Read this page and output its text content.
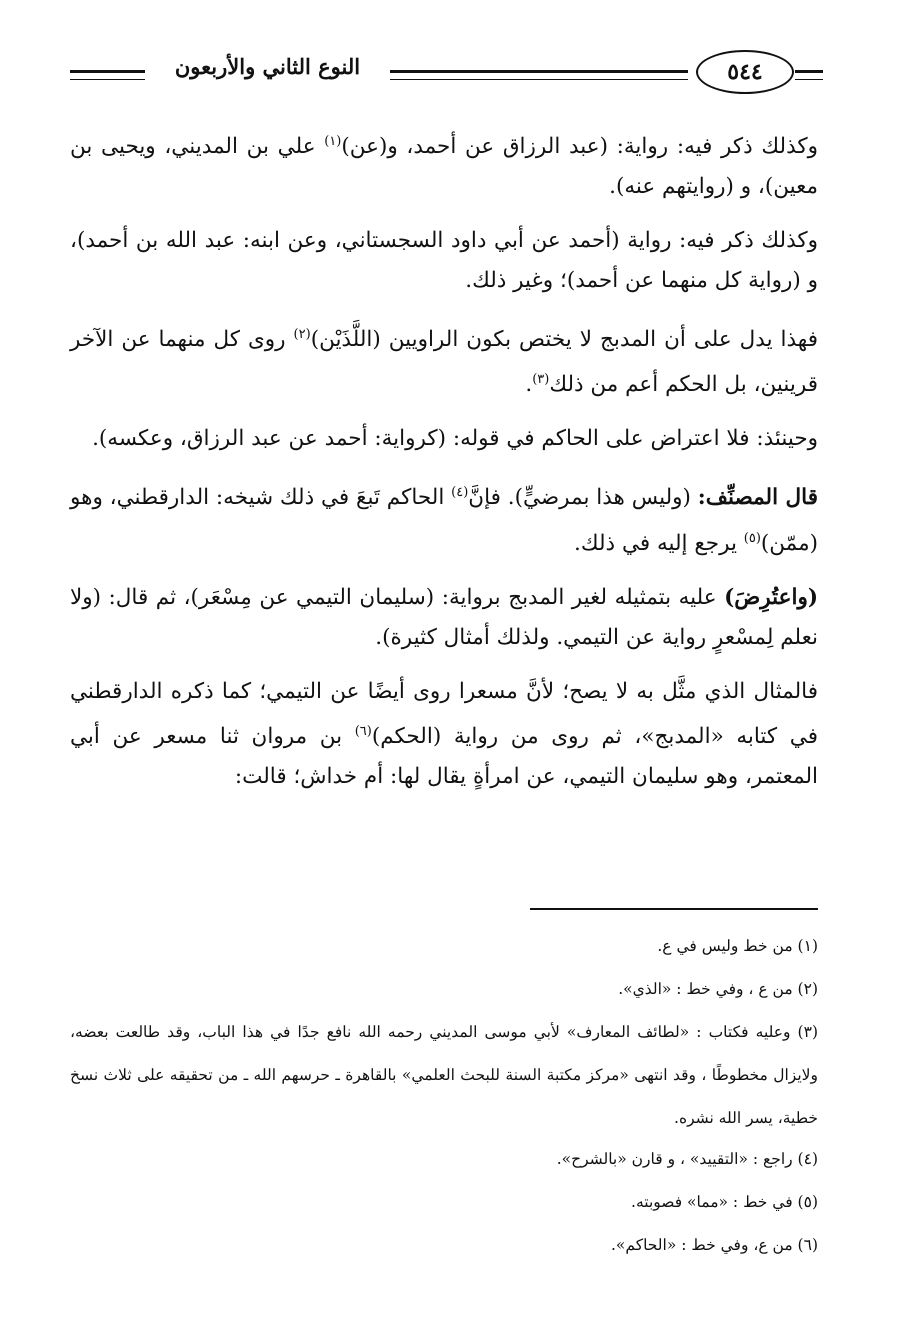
٥٤٤
النوع الثاني والأربعون

وكذلك ذكر فيه: رواية: (عبد الرزاق عن أحمد، و(عن)$^{(١)}$ علي بن المديني، ويحيى بن معين)، و (روايتهم عنه).

وكذلك ذكر فيه: رواية (أحمد عن أبي داود السجستاني، وعن ابنه: عبد الله بن أحمد)، و (رواية كل منهما عن أحمد)؛ وغير ذلك.

فهذا يدل على أن المدبج لا يختص بكون الراويين (اللَّذَيْن)$^{(٢)}$ روى كل منهما عن الآخر قرينين، بل الحكم أعم من ذلك$^{(٣)}$.

وحينئذ: فلا اعتراض على الحاكم في قوله: (كرواية: أحمد عن عبد الرزاق، وعكسه).

قال المصنِّف: (وليس هذا بمرضيٍّ). فإنَّ$^{(٤)}$ الحاكم تَبعَ في ذلك شيخه: الدارقطني، وهو (ممّن)$^{(٥)}$ يرجع إليه في ذلك.

(واعتُرِضَ) عليه بتمثيله لغير المدبج برواية: (سليمان التيمي عن مِسْعَر)، ثم قال: (ولا نعلم لِمسْعرٍ رواية عن التيمي. ولذلك أمثال كثيرة).

فالمثال الذي مثَّل به لا يصح؛ لأنَّ مسعرا روى أيضًا عن التيمي؛ كما ذكره الدارقطني في كتابه «المدبج»، ثم روى من رواية (الحكم)$^{(٦)}$ بن مروان ثنا مسعر عن أبي المعتمر، وهو سليمان التيمي، عن امرأةٍ يقال لها: أم خداش؛ قالت:

(١) من خط وليس في ع.

(٢) من ع ، وفي خط : «الذي».

(٣) وعليه فكتاب : «لطائف المعارف» لأبي موسى المديني رحمه الله نافع جدًا في هذا الباب، وقد طالعت بعضه، ولايزال مخطوطًا ، وقد انتهى «مركز مكتبة السنة للبحث العلمي» بالقاهرة ـ حرسهم الله ـ من تحقيقه على ثلاث نسخ خطية، يسر الله نشره.

(٤) راجع : «التقييد» ، و قارن «بالشرح».

(٥) في خط : «مما» فصوبته.

(٦) من ع، وفي خط : «الحاكم».
